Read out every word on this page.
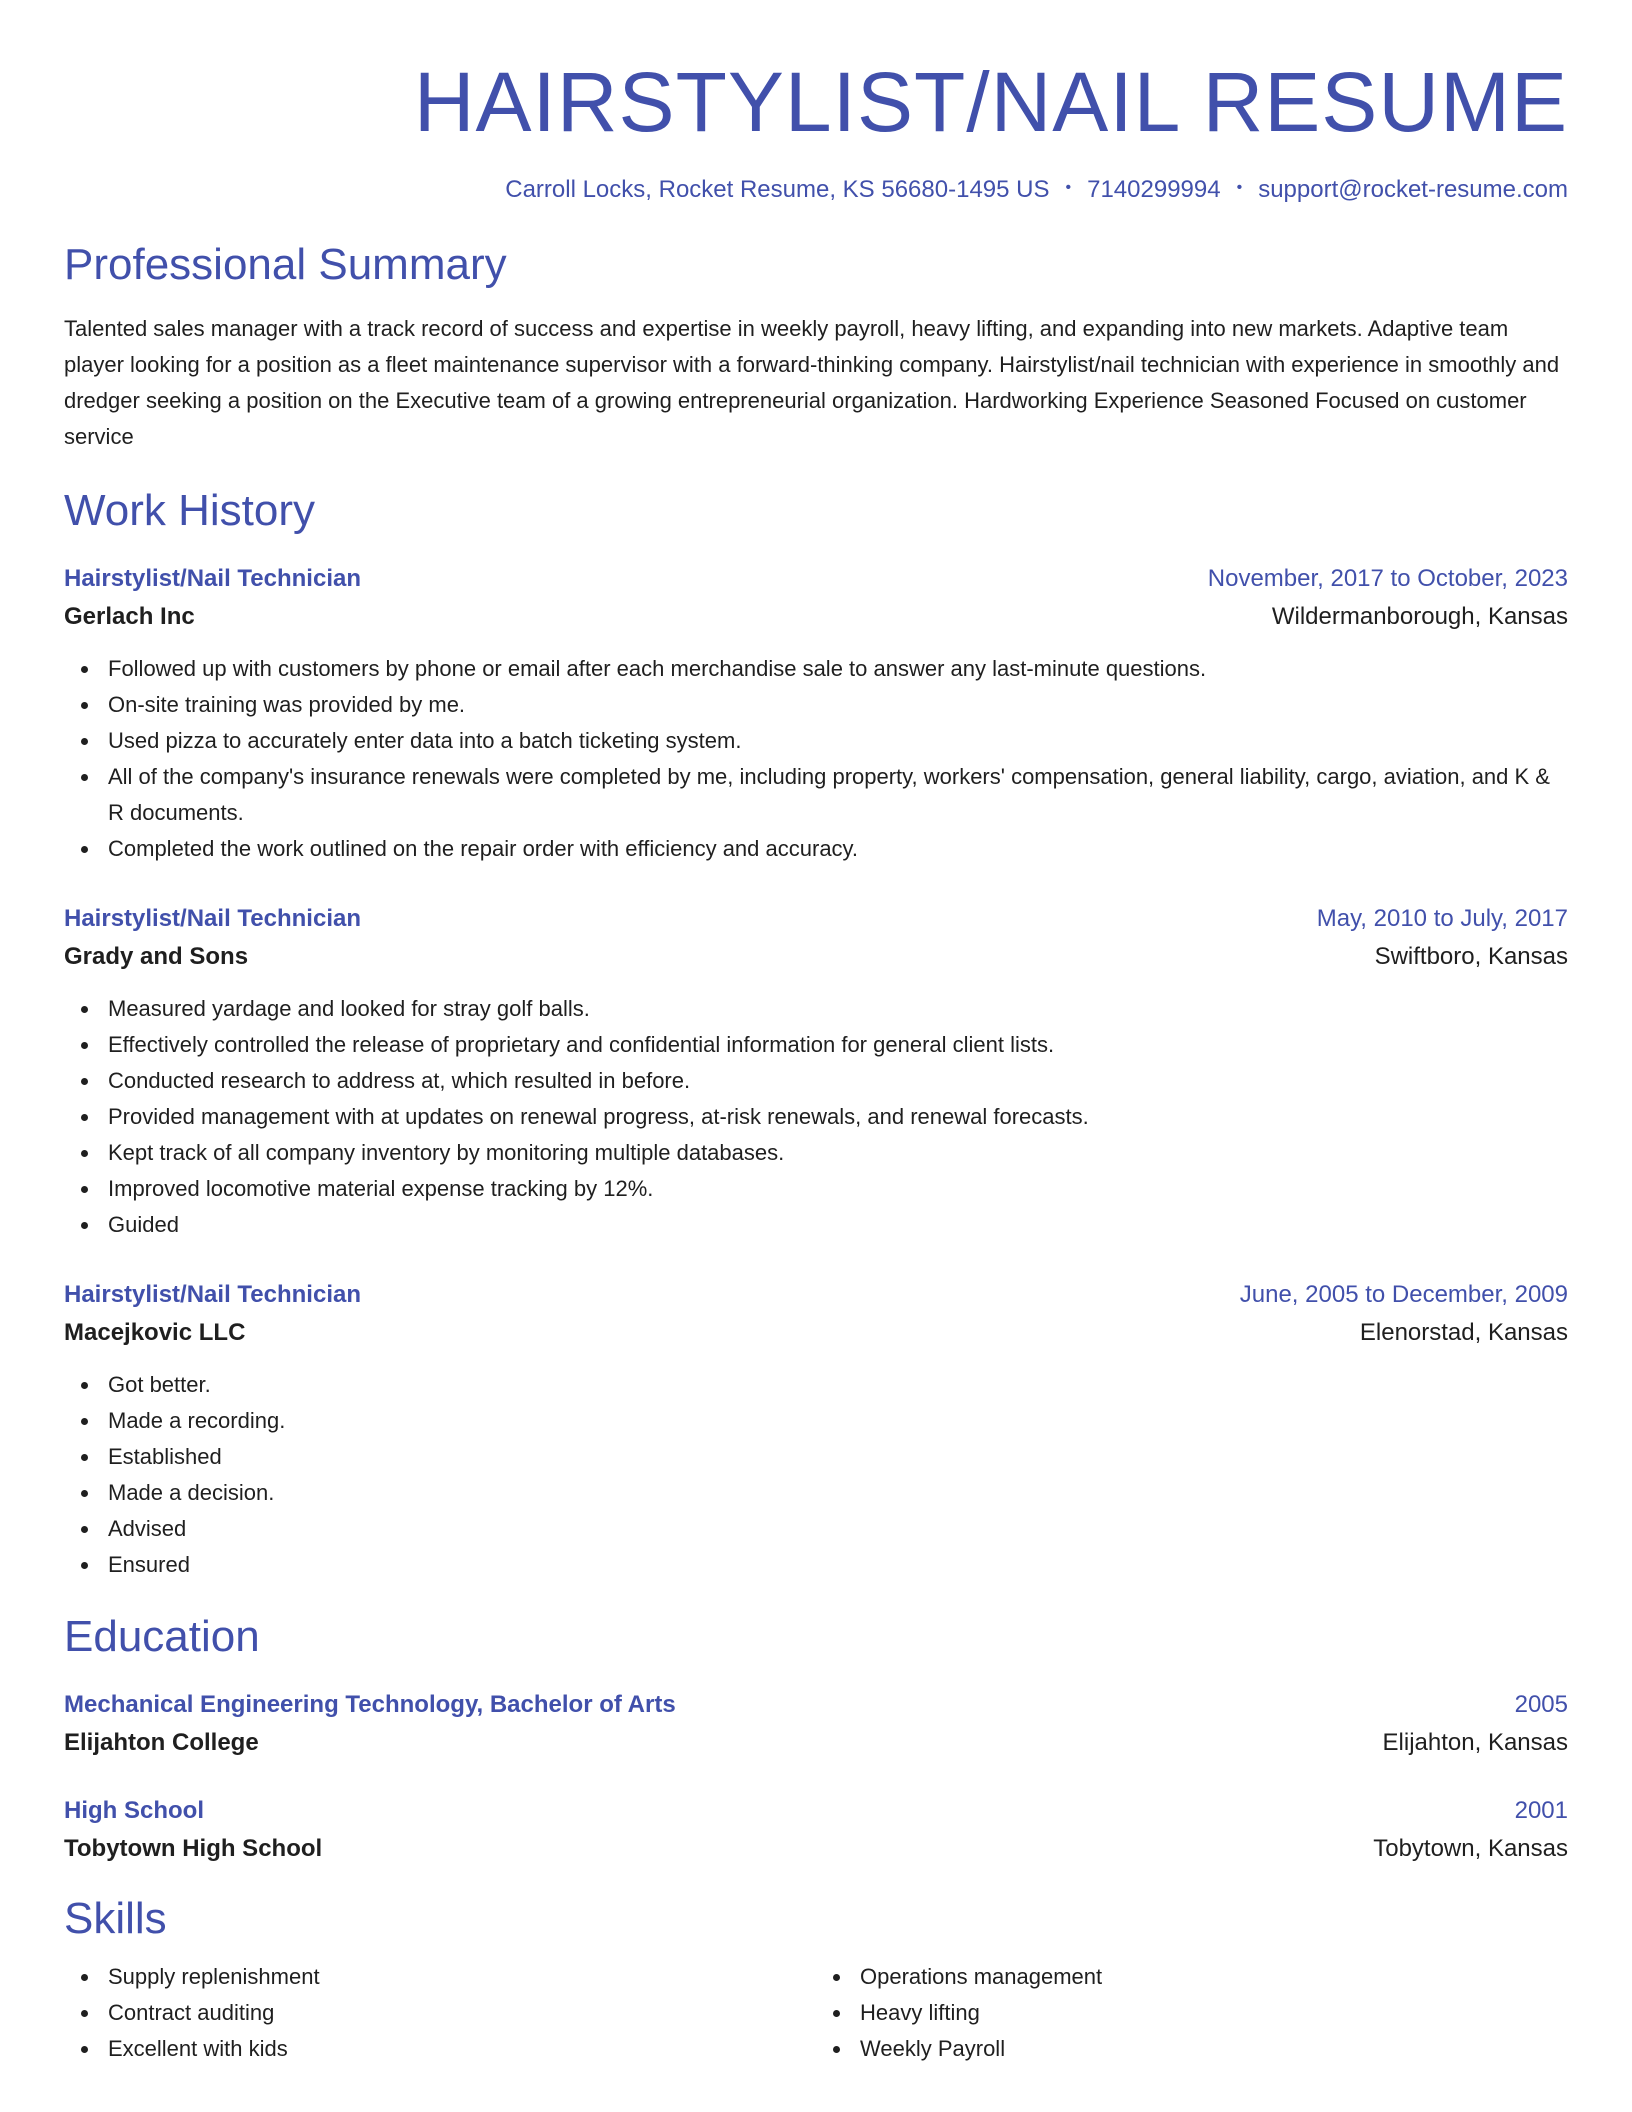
HAIRSTYLIST/NAIL RESUME
Carroll Locks, Rocket Resume, KS 56680-1495 US • 7140299994 • support@rocket-resume.com
Professional Summary
Talented sales manager with a track record of success and expertise in weekly payroll, heavy lifting, and expanding into new markets. Adaptive team player looking for a position as a fleet maintenance supervisor with a forward-thinking company. Hairstylist/nail technician with experience in smoothly and dredger seeking a position on the Executive team of a growing entrepreneurial organization. Hardworking Experience Seasoned Focused on customer service
Work History
Hairstylist/Nail Technician	November, 2017 to October, 2023
Gerlach Inc	Wildermanborough, Kansas
Followed up with customers by phone or email after each merchandise sale to answer any last-minute questions.
On-site training was provided by me.
Used pizza to accurately enter data into a batch ticketing system.
All of the company's insurance renewals were completed by me, including property, workers' compensation, general liability, cargo, aviation, and K & R documents.
Completed the work outlined on the repair order with efficiency and accuracy.
Hairstylist/Nail Technician	May, 2010 to July, 2017
Grady and Sons	Swiftboro, Kansas
Measured yardage and looked for stray golf balls.
Effectively controlled the release of proprietary and confidential information for general client lists.
Conducted research to address at, which resulted in before.
Provided management with at updates on renewal progress, at-risk renewals, and renewal forecasts.
Kept track of all company inventory by monitoring multiple databases.
Improved locomotive material expense tracking by 12%.
Guided
Hairstylist/Nail Technician	June, 2005 to December, 2009
Macejkovic LLC	Elenorstad, Kansas
Got better.
Made a recording.
Established
Made a decision.
Advised
Ensured
Education
Mechanical Engineering Technology, Bachelor of Arts	2005
Elijahton College	Elijahton, Kansas
High School	2001
Tobytown High School	Tobytown, Kansas
Skills
Supply replenishment
Contract auditing
Excellent with kids
Operations management
Heavy lifting
Weekly Payroll
